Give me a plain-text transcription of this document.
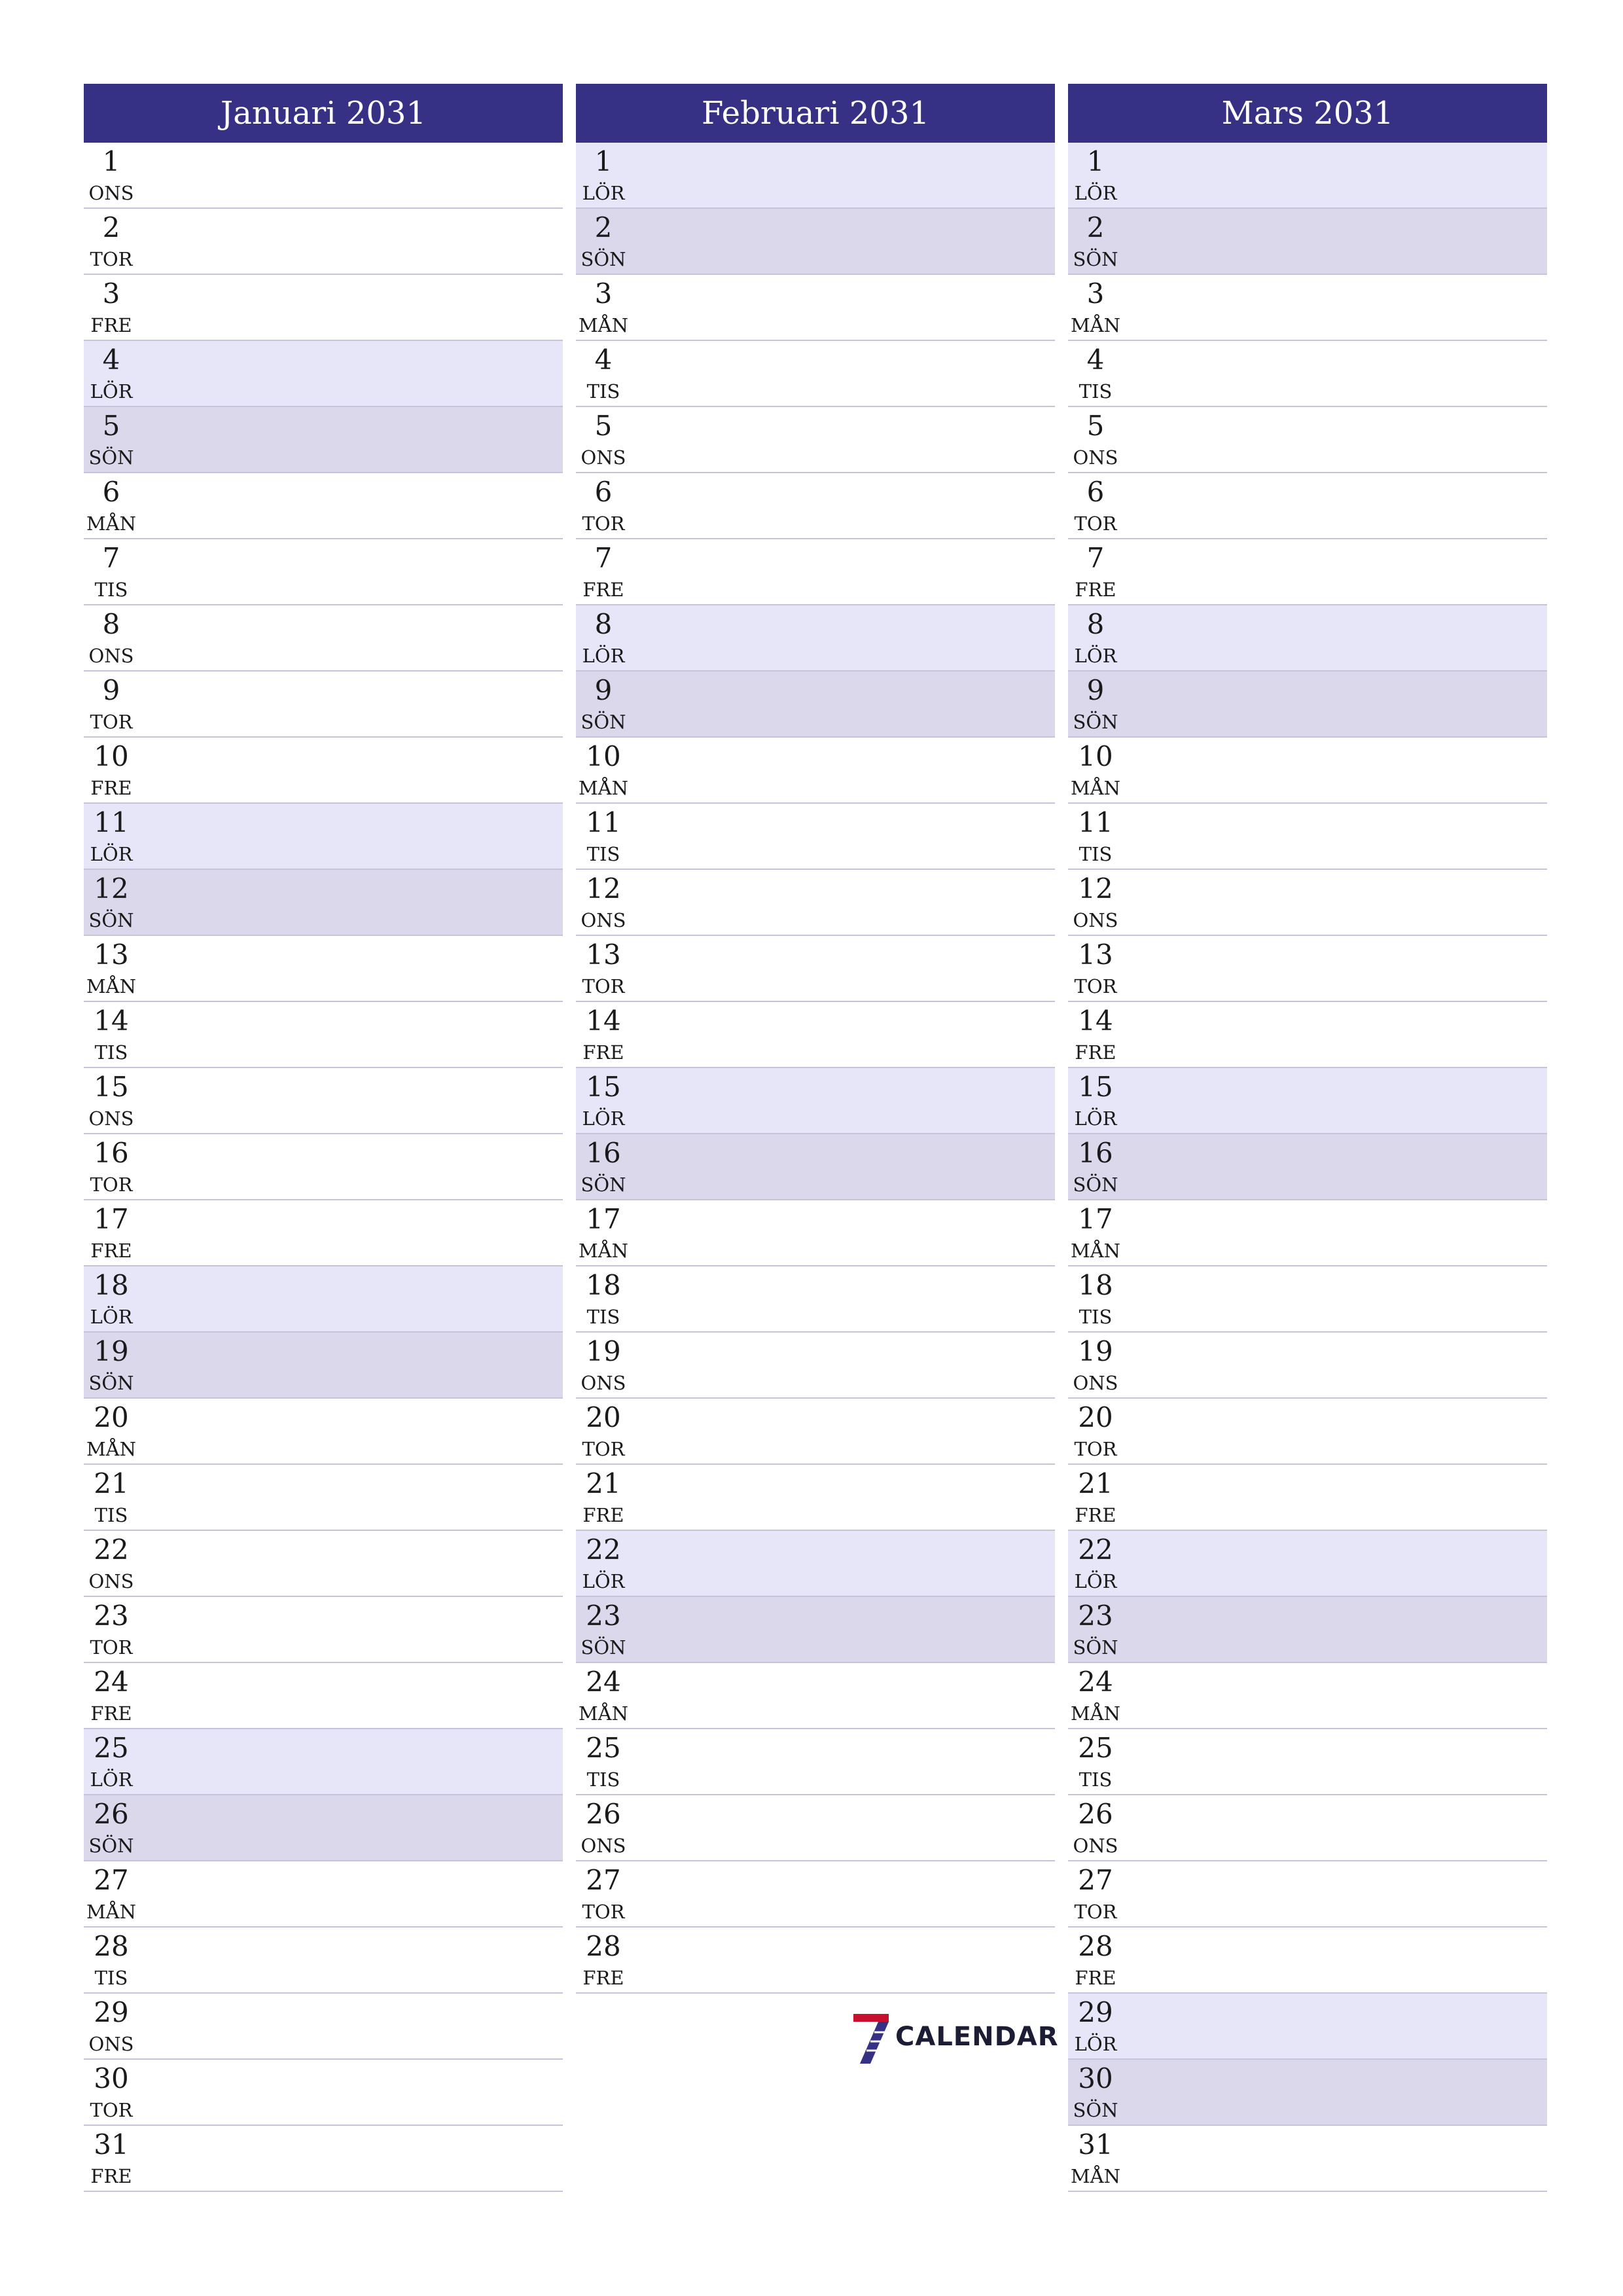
Januari 2031
1
ONS
2
TOR
3
FRE
4
LÖR
5
SÖN
6
MÅN
7
TIS
8
ONS
9
TOR
10
FRE
11
LÖR
12
SÖN
13
MÅN
14
TIS
15
ONS
16
TOR
17
FRE
18
LÖR
19
SÖN
20
MÅN
21
TIS
22
ONS
23
TOR
24
FRE
25
LÖR
26
SÖN
27
MÅN
28
TIS
29
ONS
30
TOR
31
FRE
Februari 2031
1
LÖR
2
SÖN
3
MÅN
4
TIS
5
ONS
6
TOR
7
FRE
8
LÖR
9
SÖN
10
MÅN
11
TIS
12
ONS
13
TOR
14
FRE
15
LÖR
16
SÖN
17
MÅN
18
TIS
19
ONS
20
TOR
21
FRE
22
LÖR
23
SÖN
24
MÅN
25
TIS
26
ONS
27
TOR
28
FRE
Mars 2031
1
LÖR
2
SÖN
3
MÅN
4
TIS
5
ONS
6
TOR
7
FRE
8
LÖR
9
SÖN
10
MÅN
11
TIS
12
ONS
13
TOR
14
FRE
15
LÖR
16
SÖN
17
MÅN
18
TIS
19
ONS
20
TOR
21
FRE
22
LÖR
23
SÖN
24
MÅN
25
TIS
26
ONS
27
TOR
28
FRE
29
LÖR
30
SÖN
31
MÅN
CALENDAR
